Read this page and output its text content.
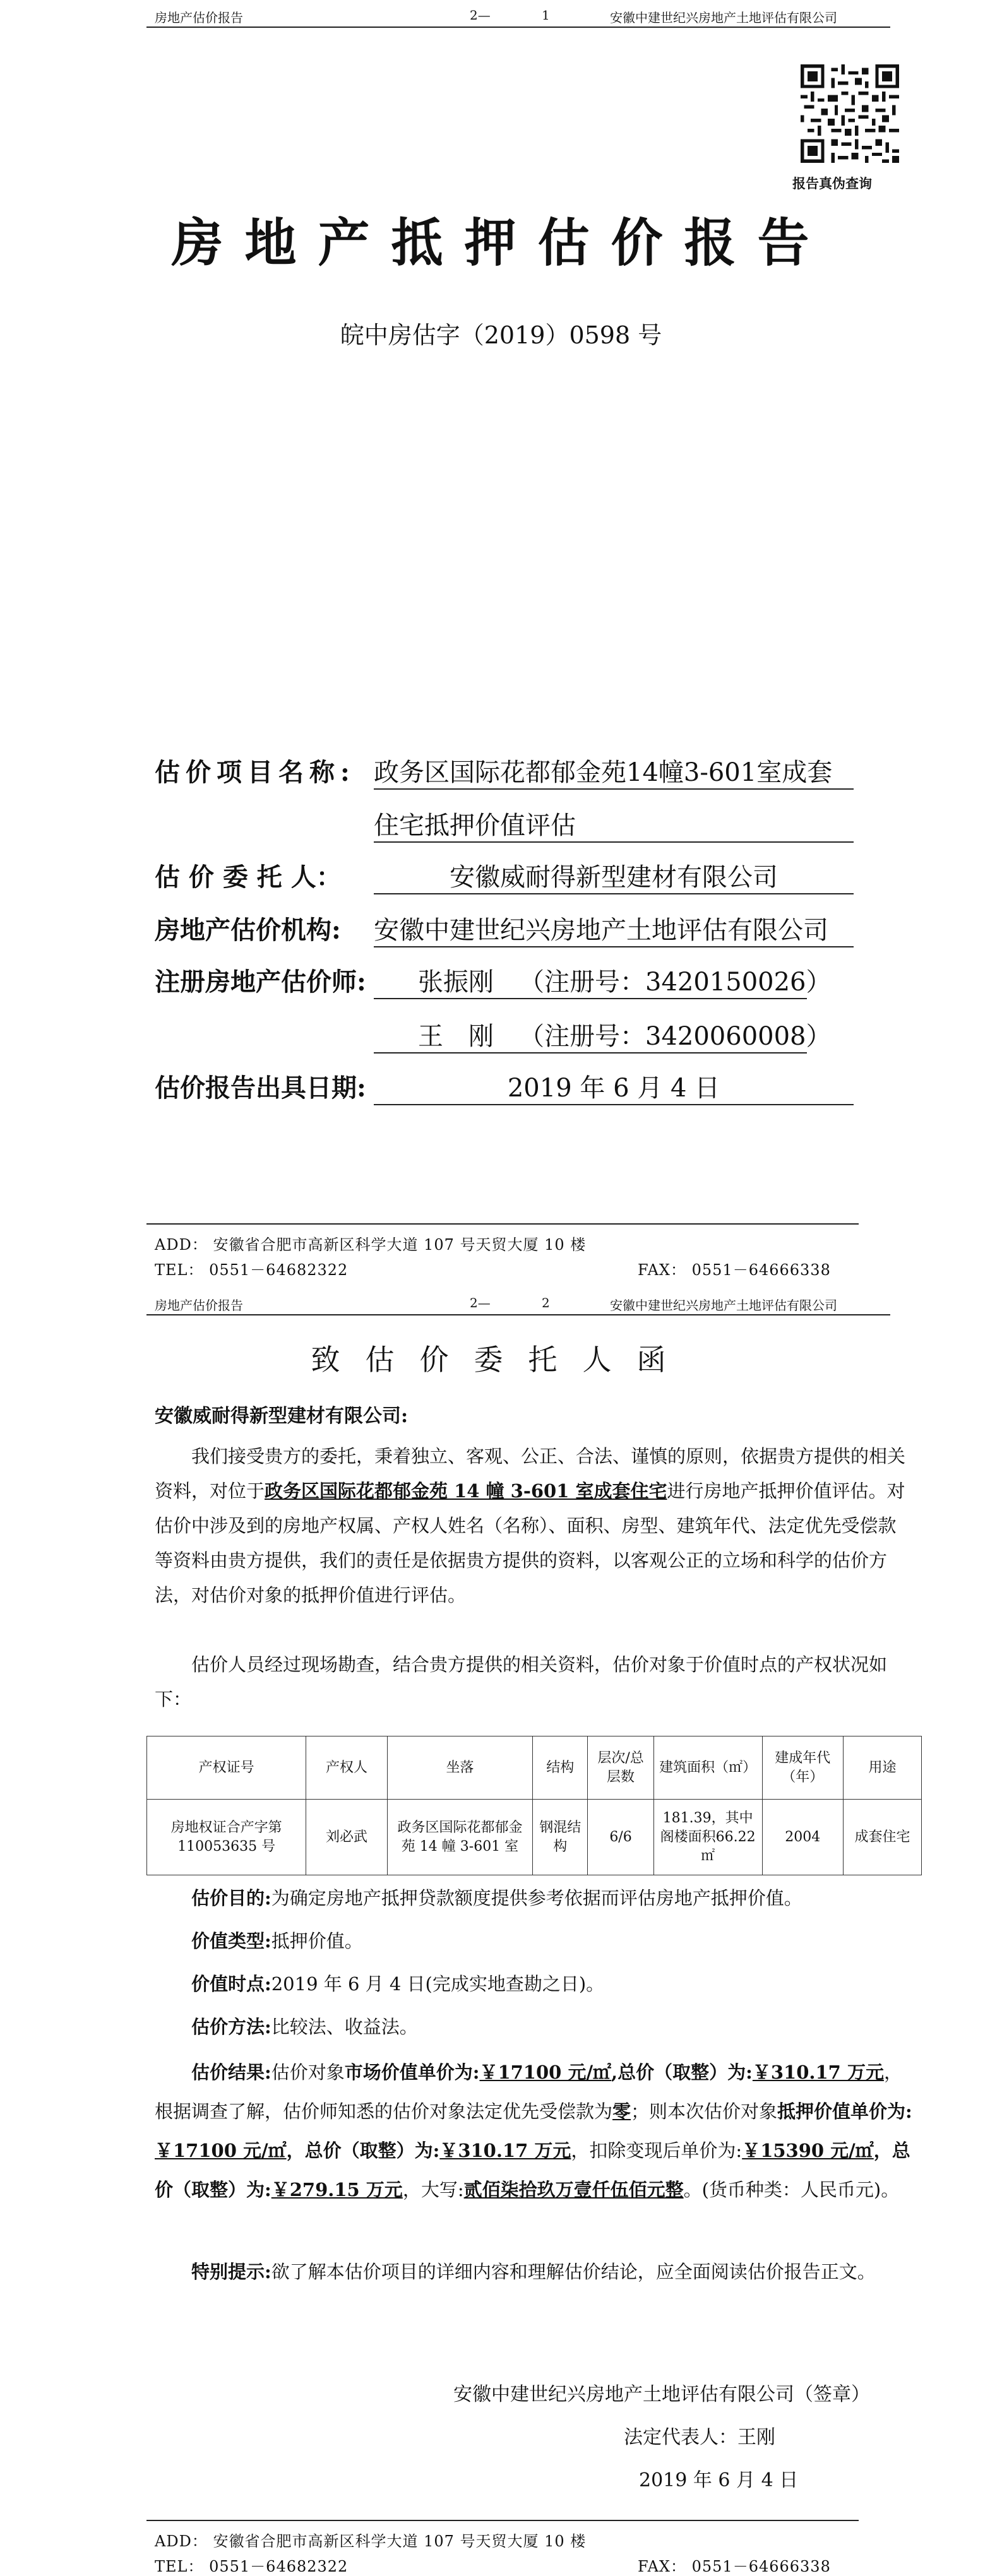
房地产估价报告	2—	1	安徽中建世纪兴房地产土地评估有限公司
报告真伪查询
房地产抵押估价报告
皖中房估字（2019）0598 号
估价项目名称: 政务区国际花都郁金苑14幢3-601室成套
住宅抵押价值评估
估 价 委 托 人：	安徽威耐得新型建材有限公司
房地产估价机构: 安徽中建世纪兴房地产土地评估有限公司
注册房地产估价师:	张振刚 （注册号：3420150026）
王　刚 （注册号：3420060008）
估价报告出具日期:	2019 年 6 月 4 日
ADD： 安徽省合肥市高新区科学大道 107 号天贸大厦 10 楼
TEL： 0551－64682322	FAX： 0551－64666338
房地产估价报告	2—	2	安徽中建世纪兴房地产土地评估有限公司
致估价委托人函
安徽威耐得新型建材有限公司:
我们接受贵方的委托，秉着独立、客观、公正、合法、谨慎的原则，依据贵方提供的相关资料，对位于政务区国际花都郁金苑 14 幢 3-601 室成套住宅进行房地产抵押价值评估。对估价中涉及到的房地产权属、产权人姓名（名称）、面积、房型、建筑年代、法定优先受偿款等资料由贵方提供，我们的责任是依据贵方提供的资料，以客观公正的立场和科学的估价方法，对估价对象的抵押价值进行评估。
估价人员经过现场勘查，结合贵方提供的相关资料，估价对象于价值时点的产权状况如下：
产权证号	产权人	坐落	结构	层次/总层数	建筑面积（㎡）	建成年代（年）	用途
房地权证合产字第110053635 号	刘必武	政务区国际花都郁金苑 14 幢 3-601 室	钢混结构	6/6	181.39，其中阁楼面积66.22㎡	2004	成套住宅
估价目的:为确定房地产抵押贷款额度提供参考依据而评估房地产抵押价值。
价值类型:抵押价值。
价值时点:2019 年 6 月 4 日(完成实地查勘之日)。
估价方法:比较法、收益法。
估价结果:估价对象市场价值单价为:￥17100 元/㎡,总价（取整）为:￥310.17 万元，根据调查了解，估价师知悉的估价对象法定优先受偿款为零；则本次估价对象抵押价值单价为:￥17100 元/㎡，总价（取整）为:￥310.17 万元，扣除变现后单价为:￥15390 元/㎡，总价（取整）为:￥279.15 万元，大写:贰佰柒拾玖万壹仟伍佰元整。(货币种类：人民币元)。
特别提示:欲了解本估价项目的详细内容和理解估价结论，应全面阅读估价报告正文。
安徽中建世纪兴房地产土地评估有限公司（签章）
法定代表人：王刚
2019 年 6 月 4 日
ADD： 安徽省合肥市高新区科学大道 107 号天贸大厦 10 楼
TEL： 0551－64682322	FAX： 0551－64666338
